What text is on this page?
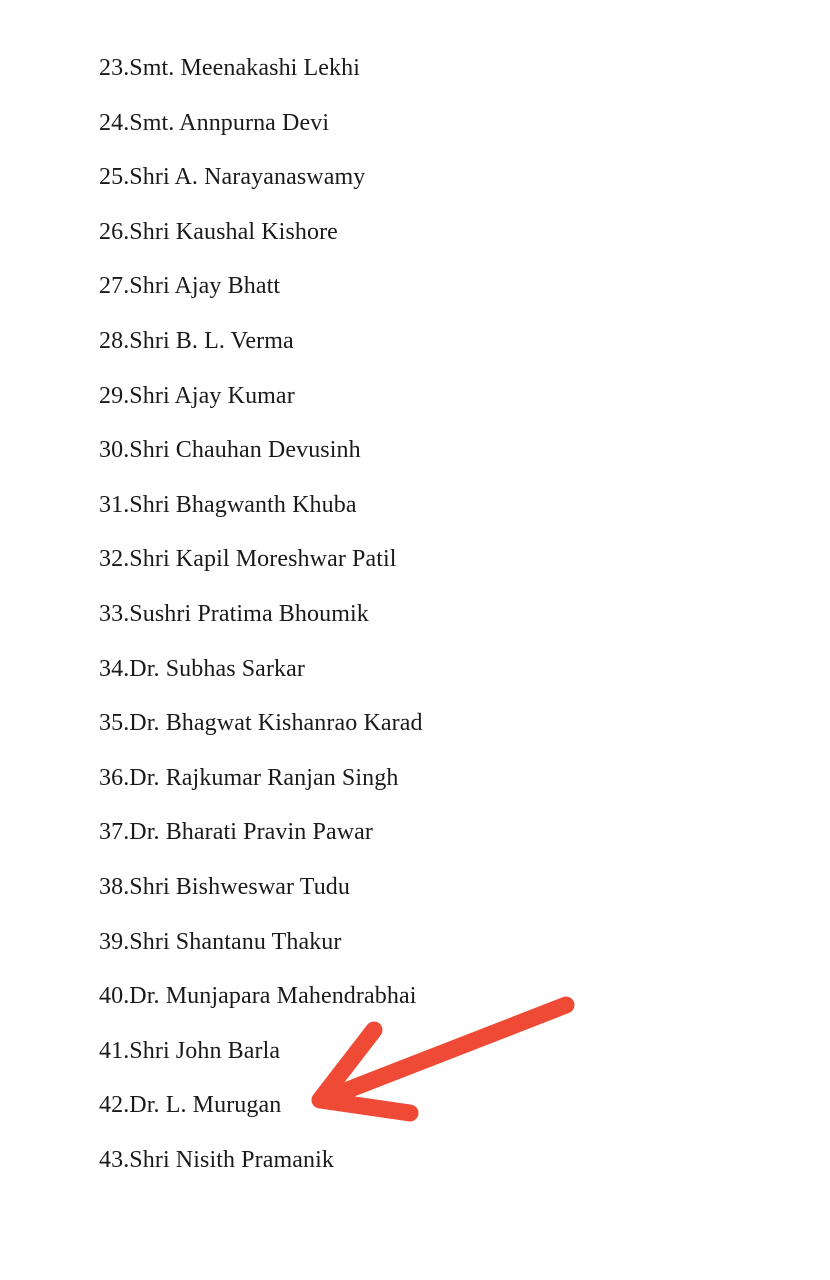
23.Smt. Meenakashi Lekhi
24.Smt. Annpurna Devi
25.Shri A. Narayanaswamy
26.Shri Kaushal Kishore
27.Shri Ajay Bhatt
28.Shri B. L. Verma
29.Shri Ajay Kumar
30.Shri Chauhan Devusinh
31.Shri Bhagwanth Khuba
32.Shri Kapil Moreshwar Patil
33.Sushri Pratima Bhoumik
34.Dr. Subhas Sarkar
35.Dr. Bhagwat Kishanrao Karad
36.Dr. Rajkumar Ranjan Singh
37.Dr. Bharati Pravin Pawar
38.Shri Bishweswar Tudu
39.Shri Shantanu Thakur
40.Dr. Munjapara Mahendrabhai
41.Shri John Barla
42.Dr. L. Murugan
43.Shri Nisith Pramanik
